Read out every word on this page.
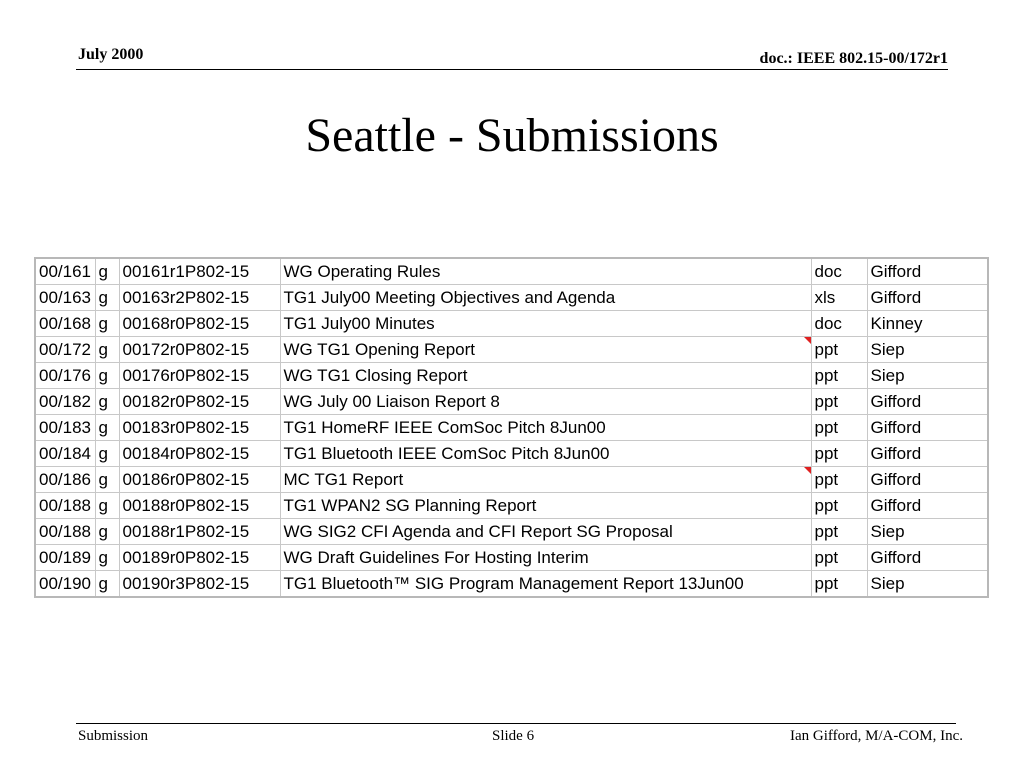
July 2000	doc.: IEEE 802.15-00/172r1
Seattle - Submissions
00/161	g	00161r1P802-15	WG Operating Rules	doc	Gifford
00/163	g	00163r2P802-15	TG1 July00 Meeting Objectives and Agenda	xls	Gifford
00/168	g	00168r0P802-15	TG1 July00 Minutes	doc	Kinney
00/172	g	00172r0P802-15	WG TG1 Opening Report	ppt	Siep
00/176	g	00176r0P802-15	WG TG1 Closing Report	ppt	Siep
00/182	g	00182r0P802-15	WG July 00 Liaison Report 8	ppt	Gifford
00/183	g	00183r0P802-15	TG1 HomeRF IEEE ComSoc Pitch 8Jun00	ppt	Gifford
00/184	g	00184r0P802-15	TG1 Bluetooth IEEE ComSoc Pitch 8Jun00	ppt	Gifford
00/186	g	00186r0P802-15	MC TG1 Report	ppt	Gifford
00/188	g	00188r0P802-15	TG1 WPAN2 SG Planning Report	ppt	Gifford
00/188	g	00188r1P802-15	WG SIG2 CFI Agenda and CFI Report SG Proposal	ppt	Siep
00/189	g	00189r0P802-15	WG Draft Guidelines For Hosting Interim	ppt	Gifford
00/190	g	00190r3P802-15	TG1 Bluetooth™ SIG Program Management Report 13Jun00	ppt	Siep
Submission	Slide 6	Ian Gifford, M/A-COM, Inc.
